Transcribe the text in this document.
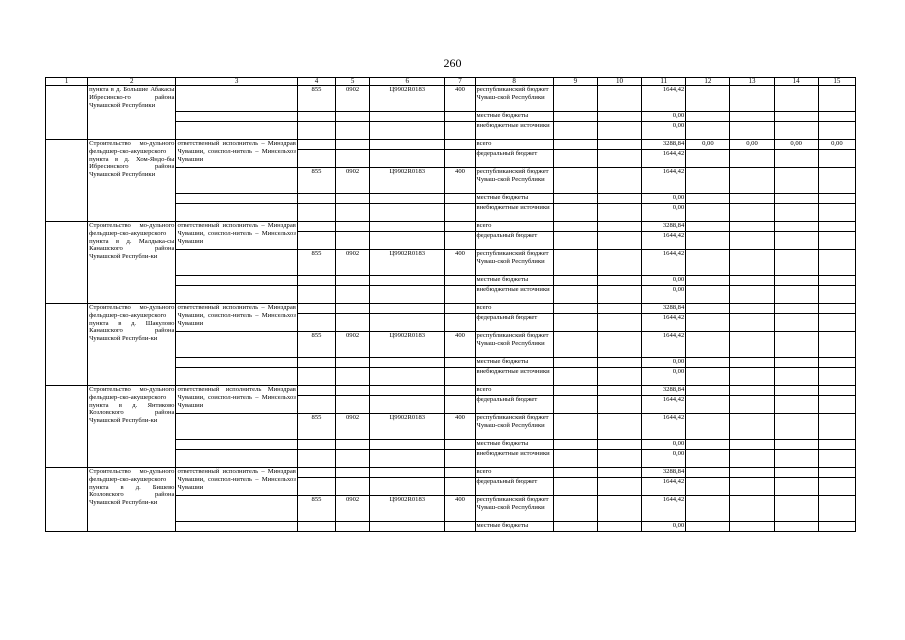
260
1	2	3	4	5	6	7	8	9	10	11	12	13	14	15

	пункта в д. Большие Абакасы Ибресинско-го района Чувашской Республики		855	0902	Ц9902R0183	400	республиканский бюджет Чуваш-ской Республики			1644,42				
							местные бюджеты			0,00				
							внебюджетные источники			0,00				

	Строительство мо-дульного фельдшер-ско-акушерского пункта в д. Хом-Яндо-бы Ибресинского района Чувашской Республики	ответственный исполнитель – Минздрав Чувашии, соиспол-нитель – Минсельхоз Чувашии					всего			3288,84	0,00	0,00	0,00	0,00
							федеральный бюджет			1644,42				
			855	0902	Ц9902R0183	400	республиканский бюджет Чуваш-ской Республики			1644,42				
							местные бюджеты			0,00				
							внебюджетные источники			0,00				

	Строительство мо-дульного фельдшер-ско-акушерского пункта в д. Малдыка-сы Канашского района Чувашской Республи-ки	ответственный исполнитель – Минздрав Чувашии, соиспол-нитель – Минсельхоз Чувашии					всего			3288,84				
							федеральный бюджет			1644,42				
			855	0902	Ц9902R0183	400	республиканский бюджет Чуваш-ской Республики			1644,42				
							местные бюджеты			0,00				
							внебюджетные источники			0,00				

	Строительство мо-дульного фельдшер-ско-акушерского пункта в д. Шакулово Канашского района Чувашской Республи-ки	ответственный исполнитель – Минздрав Чувашии, соиспол-нитель – Минсельхоз Чувашии					всего			3288,84				
							федеральный бюджет			1644,42				
			855	0902	Ц9902R0183	400	республиканский бюджет Чуваш-ской Республики			1644,42				
							местные бюджеты			0,00				
							внебюджетные источники			0,00				

	Строительство мо-дульного фельдшер-ско-акушерского пункта в д. Янтиково Козловского района Чувашской Республи-ки	ответственный исполнитель Минздрав Чувашии, соиспол-нитель – Минсельхоз Чувашии					всего			3288,84				
							федеральный бюджет			1644,42				
			855	0902	Ц9902R0183	400	республиканский бюджет Чуваш-ской Республики			1644,42				
							местные бюджеты			0,00				
							внебюджетные источники			0,00				

	Строительство мо-дульного фельдшер-ско-акушерского пункта в д. Бишево Козловского района Чувашской Республи-ки	ответственный исполнитель – Минздрав Чувашии, соиспол-нитель – Минсельхоз Чувашии					всего			3288,84				
							федеральный бюджет			1644,42				
			855	0902	Ц9902R0183	400	республиканский бюджет Чуваш-ской Республики			1644,42				
							местные бюджеты			0,00				
